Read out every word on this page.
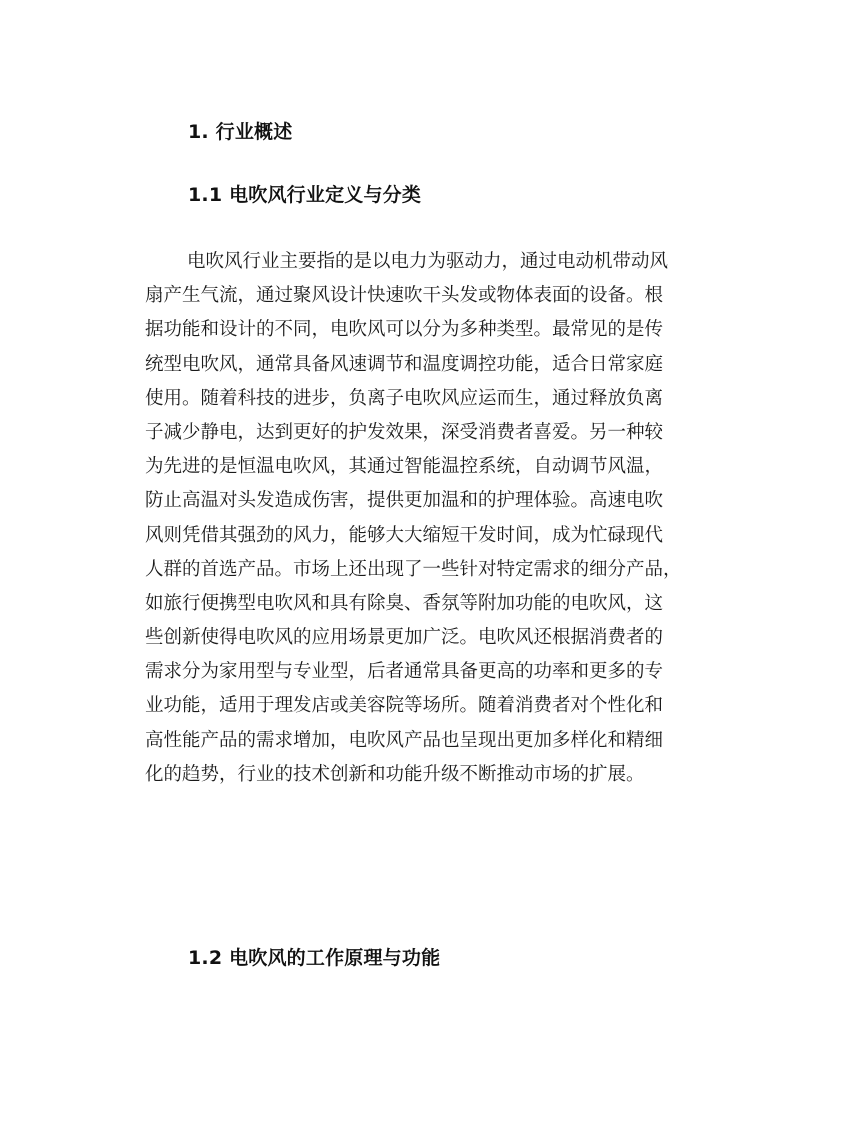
1. 行业概述
1.1 电吹风行业定义与分类

电吹风行业主要指的是以电力为驱动力，通过电动机带动风
扇产生气流，通过聚风设计快速吹干头发或物体表面的设备。根
据功能和设计的不同，电吹风可以分为多种类型。最常见的是传
统型电吹风，通常具备风速调节和温度调控功能，适合日常家庭
使用。随着科技的进步，负离子电吹风应运而生，通过释放负离
子减少静电，达到更好的护发效果，深受消费者喜爱。另一种较
为先进的是恒温电吹风，其通过智能温控系统，自动调节风温，
防止高温对头发造成伤害，提供更加温和的护理体验。高速电吹
风则凭借其强劲的风力，能够大大缩短干发时间，成为忙碌现代
人群的首选产品。市场上还出现了一些针对特定需求的细分产品，
如旅行便携型电吹风和具有除臭、香氛等附加功能的电吹风，这
些创新使得电吹风的应用场景更加广泛。电吹风还根据消费者的
需求分为家用型与专业型，后者通常具备更高的功率和更多的专
业功能，适用于理发店或美容院等场所。随着消费者对个性化和
高性能产品的需求增加，电吹风产品也呈现出更加多样化和精细
化的趋势，行业的技术创新和功能升级不断推动市场的扩展。

1.2 电吹风的工作原理与功能
